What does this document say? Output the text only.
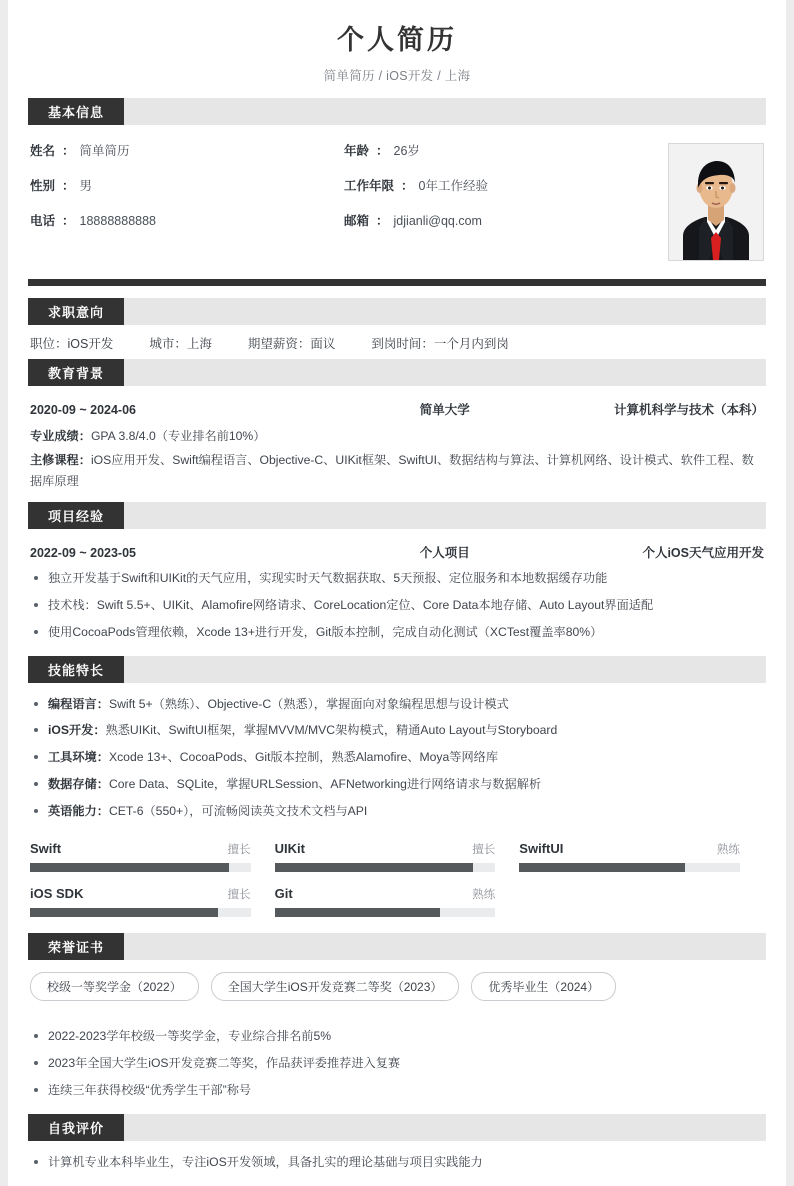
个人简历
简单简历 / iOS开发 / 上海
基本信息
姓名 ： 简单简历	年龄 ： 26岁
性别 ： 男	工作年限 ： 0年工作经验
电话 ： 18888888888	邮箱 ： jdjianli@qq.com
求职意向
职位：iOS开发	城市：上海	期望薪资：面议	到岗时间：一个月内到岗
教育背景
2020-09 ~ 2024-06	简单大学	计算机科学与技术（本科）

专业成绩：GPA 3.8/4.0（专业排名前10%）

主修课程：iOS应用开发、Swift编程语言、Objective-C、UIKit框架、SwiftUI、数据结构与算法、计算机网络、设计模式、软件工程、数据库原理

项目经验
2022-09 ~ 2023-05	个人项目	个人iOS天气应用开发
独立开发基于Swift和UIKit的天气应用，实现实时天气数据获取、5天预报、定位服务和本地数据缓存功能
技术栈：Swift 5.5+、UIKit、Alamofire网络请求、CoreLocation定位、Core Data本地存储、Auto Layout界面适配
使用CocoaPods管理依赖，Xcode 13+进行开发，Git版本控制，完成自动化测试（XCTest覆盖率80%）
技能特长
编程语言：Swift 5+（熟练）、Objective-C（熟悉），掌握面向对象编程思想与设计模式
iOS开发：熟悉UIKit、SwiftUI框架，掌握MVVM/MVC架构模式，精通Auto Layout与Storyboard
工具环境：Xcode 13+、CocoaPods、Git版本控制，熟悉Alamofire、Moya等网络库
数据存储：Core Data、SQLite，掌握URLSession、AFNetworking进行网络请求与数据解析
英语能力：CET-6（550+），可流畅阅读英文技术文档与API
Swift	擅长 UIKit	擅长 SwiftUI	熟练
iOS SDK	擅长 Git	熟练
荣誉证书
校级一等奖学金（2022）	全国大学生iOS开发竞赛二等奖（2023）	优秀毕业生（2024）
2022-2023学年校级一等奖学金，专业综合排名前5%
2023年全国大学生iOS开发竞赛二等奖，作品获评委推荐进入复赛
连续三年获得校级“优秀学生干部”称号
自我评价
计算机专业本科毕业生，专注iOS开发领域，具备扎实的理论基础与项目实践能力
